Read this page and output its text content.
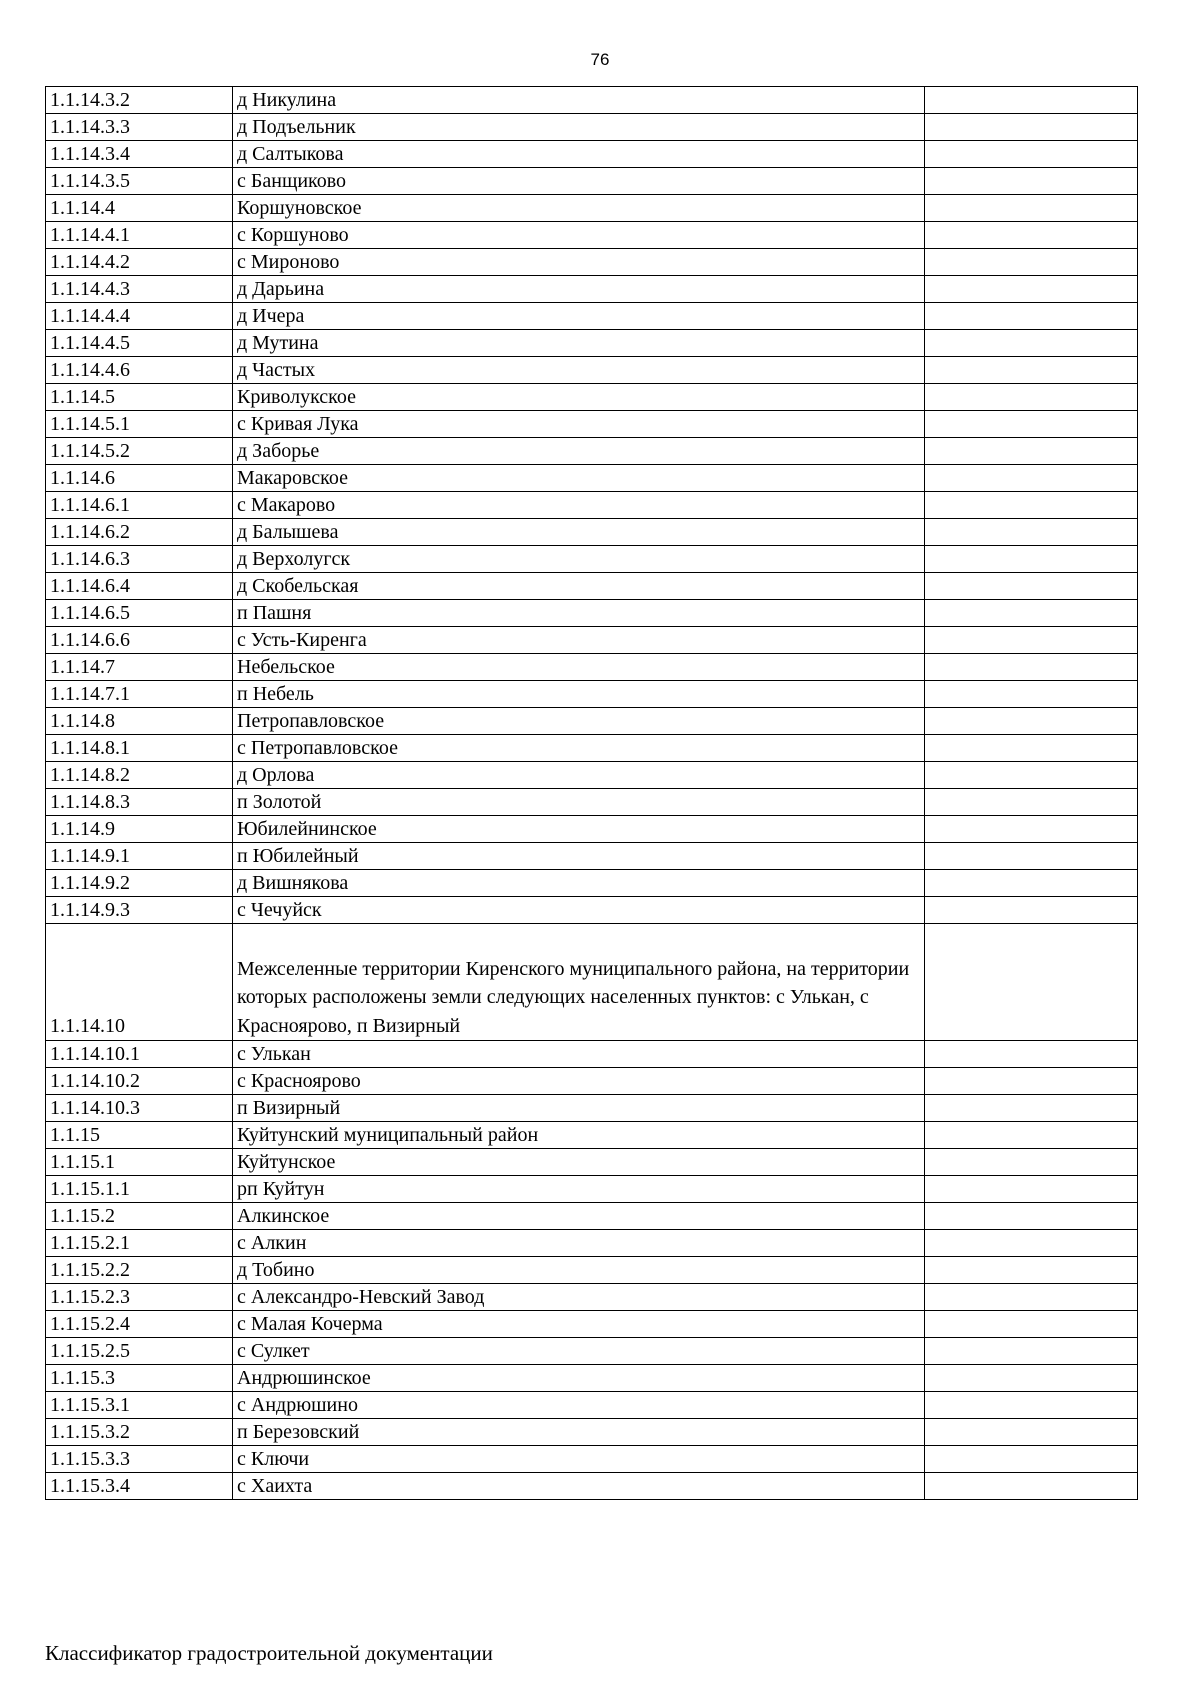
76
1.1.14.3.2	д Никулина	
1.1.14.3.3	д Подъельник	
1.1.14.3.4	д Салтыкова	
1.1.14.3.5	с Банщиково	
1.1.14.4	Коршуновское	
1.1.14.4.1	с Коршуново	
1.1.14.4.2	с Мироново	
1.1.14.4.3	д Дарьина	
1.1.14.4.4	д Ичера	
1.1.14.4.5	д Мутина	
1.1.14.4.6	д Частых	
1.1.14.5	Криволукское	
1.1.14.5.1	с Кривая Лука	
1.1.14.5.2	д Заборье	
1.1.14.6	Макаровское	
1.1.14.6.1	с Макарово	
1.1.14.6.2	д Балышева	
1.1.14.6.3	д Верхолугск	
1.1.14.6.4	д Скобельская	
1.1.14.6.5	п Пашня	
1.1.14.6.6	с Усть-Киренга	
1.1.14.7	Небельское	
1.1.14.7.1	п Небель	
1.1.14.8	Петропавловское	
1.1.14.8.1	с Петропавловское	
1.1.14.8.2	д Орлова	
1.1.14.8.3	п Золотой	
1.1.14.9	Юбилейнинское	
1.1.14.9.1	п Юбилейный	
1.1.14.9.2	д Вишнякова	
1.1.14.9.3	с Чечуйск	
1.1.14.10	Межселенные территории Киренского муниципального района, на территории которых расположены земли следующих населенных пунктов: с Улькан, с Красноярово, п Визирный	
1.1.14.10.1	с Улькан	
1.1.14.10.2	с Красноярово	
1.1.14.10.3	п Визирный	
1.1.15	Куйтунский муниципальный район	
1.1.15.1	Куйтунское	
1.1.15.1.1	рп Куйтун	
1.1.15.2	Алкинское	
1.1.15.2.1	с Алкин	
1.1.15.2.2	д Тобино	
1.1.15.2.3	с Александро-Невский Завод	
1.1.15.2.4	с Малая Кочерма	
1.1.15.2.5	с Сулкет	
1.1.15.3	Андрюшинское	
1.1.15.3.1	с Андрюшино	
1.1.15.3.2	п Березовский	
1.1.15.3.3	с Ключи	
1.1.15.3.4	с Хаихта	
Классификатор градостроительной документации
